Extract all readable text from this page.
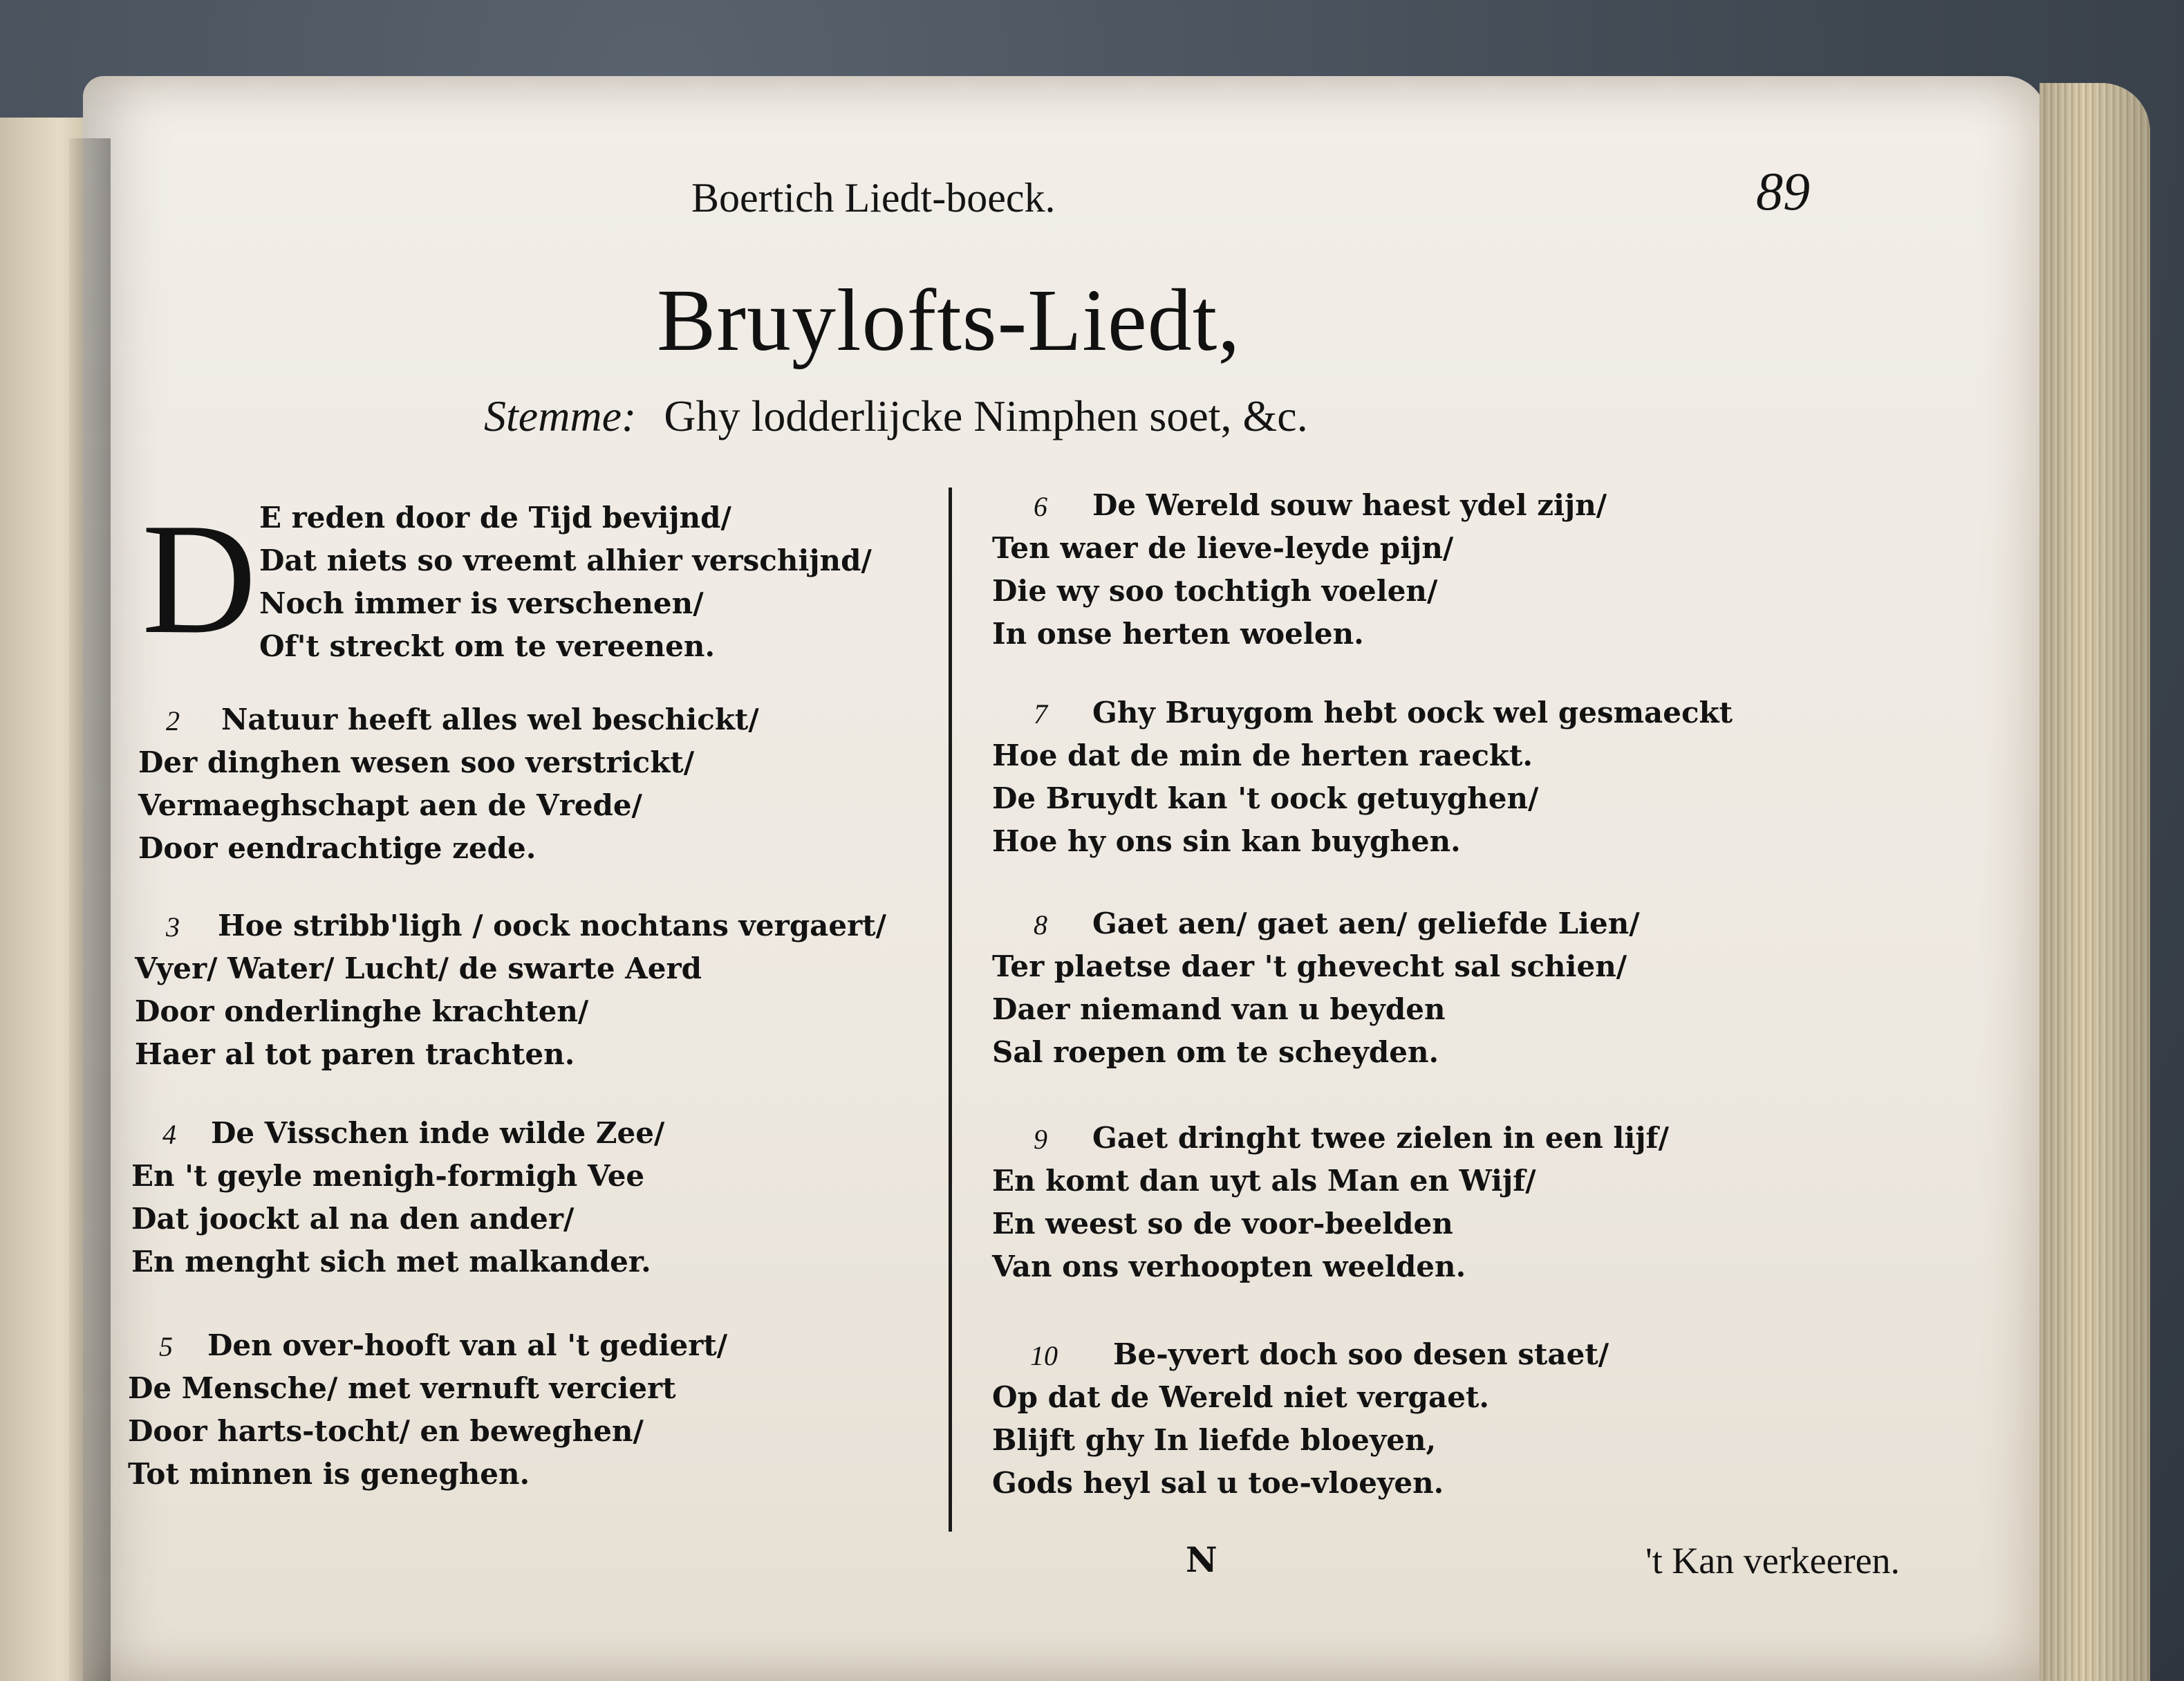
Boertich Liedt-boeck.	89
Bruylofts-Liedt,
Stemme: Ghy lodderlijcke Nimphen soet, &c.
D E reden door de Tijd bevijnd/
Dat niets so vreemt alhier verschijnd/
Noch immer is verschenen/
Of't streckt om te vereenen.
2	Natuur heeft alles wel beschickt/
Der dinghen wesen soo verstrickt/
Vermaeghschapt aen de Vrede/
Door eendrachtige zede.
3	Hoe stribb'ligh / oock nochtans vergaert/
Vyer/ Water/ Lucht/ de swarte Aerd
Door onderlinghe krachten/
Haer al tot paren trachten.
4	De Visschen inde wilde Zee/
En 't geyle menigh-formigh Vee
Dat joockt al na den ander/
En menght sich met malkander.
5	Den over-hooft van al 't gediert/
De Mensche/ met vernuft verciert
Door harts-tocht/ en beweghen/
Tot minnen is geneghen.
6	De Wereld souw haest ydel zijn/
Ten waer de lieve-leyde pijn/
Die wy soo tochtigh voelen/
In onse herten woelen.
7	Ghy Bruygom hebt oock wel gesmaeckt
Hoe dat de min de herten raeckt.
De Bruydt kan 't oock getuyghen/
Hoe hy ons sin kan buyghen.
8	Gaet aen/ gaet aen/ geliefde Lien/
Ter plaetse daer 't ghevecht sal schien/
Daer niemand van u beyden
Sal roepen om te scheyden.
9	Gaet dringht twee zielen in een lijf/
En komt dan uyt als Man en Wijf/
En weest so de voor-beelden
Van ons verhoopten weelden.
10	Be-yvert doch soo desen staet/
Op dat de Wereld niet vergaet.
Blijft ghy In liefde bloeyen,
Gods heyl sal u toe-vloeyen.
N	't Kan verkeeren.
